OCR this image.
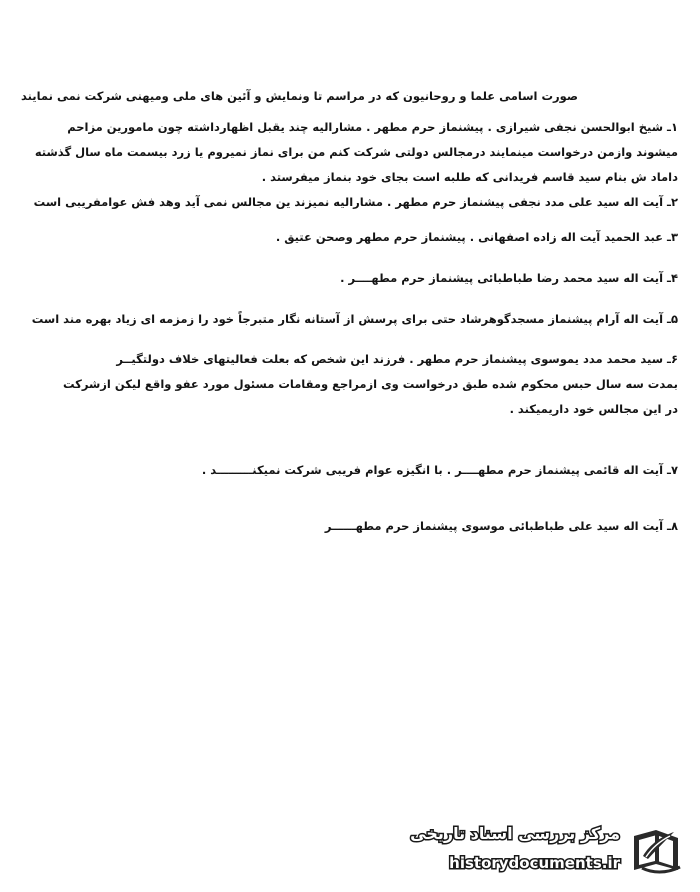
صورت اسامی علما و روحانیون که در مراسم تا ونمایش و آئین های ملی ومیهنی شرکت نمی نمایند
۱ـ شیخ ابوالحسن نجفی شیرازی . پیشنماز حرم مطهر . مشارالیه چند یقبل اظهارداشته چون مامورین مزاحم
میشوند وازمن درخواست مینمایند درمجالس دولتی شرکت کنم من برای نماز نمیروم یا زرد بیسمت ماه سال گذشته
داماد ش بنام سید قاسم فریدانی که طلبه است بجای خود بنماز میفرستد .
۲ـ آیت اله سید علی مدد نجفی پیشنماز حرم مطهر . مشارالیه نمیزند ین مجالس نمی آید وهد فش عوامفریبی است
۳ـ عبد الحمید آیت اله زاده اصفهانی . پیشنماز حرم مطهر وصحن عتیق .
۴ـ آیت اله سید محمد رضا طباطبائی پیشنماز حرم مطهــــر .
۵ـ آیت اله آرام پیشنماز مسجدگوهرشاد حتی برای پرسش از آستانه نگار متبرجاً خود را زمزمه ای زیاد بهره مند است
۶ـ سید محمد مدد یموسوی پیشنماز حرم مطهر . فرزند این شخص که بعلت فعالیتهای خلاف دولتگیــر
بمدت سه سال حبس محکوم شده طبق درخواست وی ازمراجع ومقامات مسئول مورد عفو واقع لیکن ازشرکت
در این مجالس خود داریمیکند .
۷ـ آیت اله قائمی پیشنماز حرم مطهــــر . با انگیزه عوام فریبی شرکت نمیکنـــــــــد .
۸ـ آیت اله سید علی طباطبائی موسوی پیشنماز حرم مطهــــــر
مرکز بررسی اسناد تاریخی
historydocuments.ir
